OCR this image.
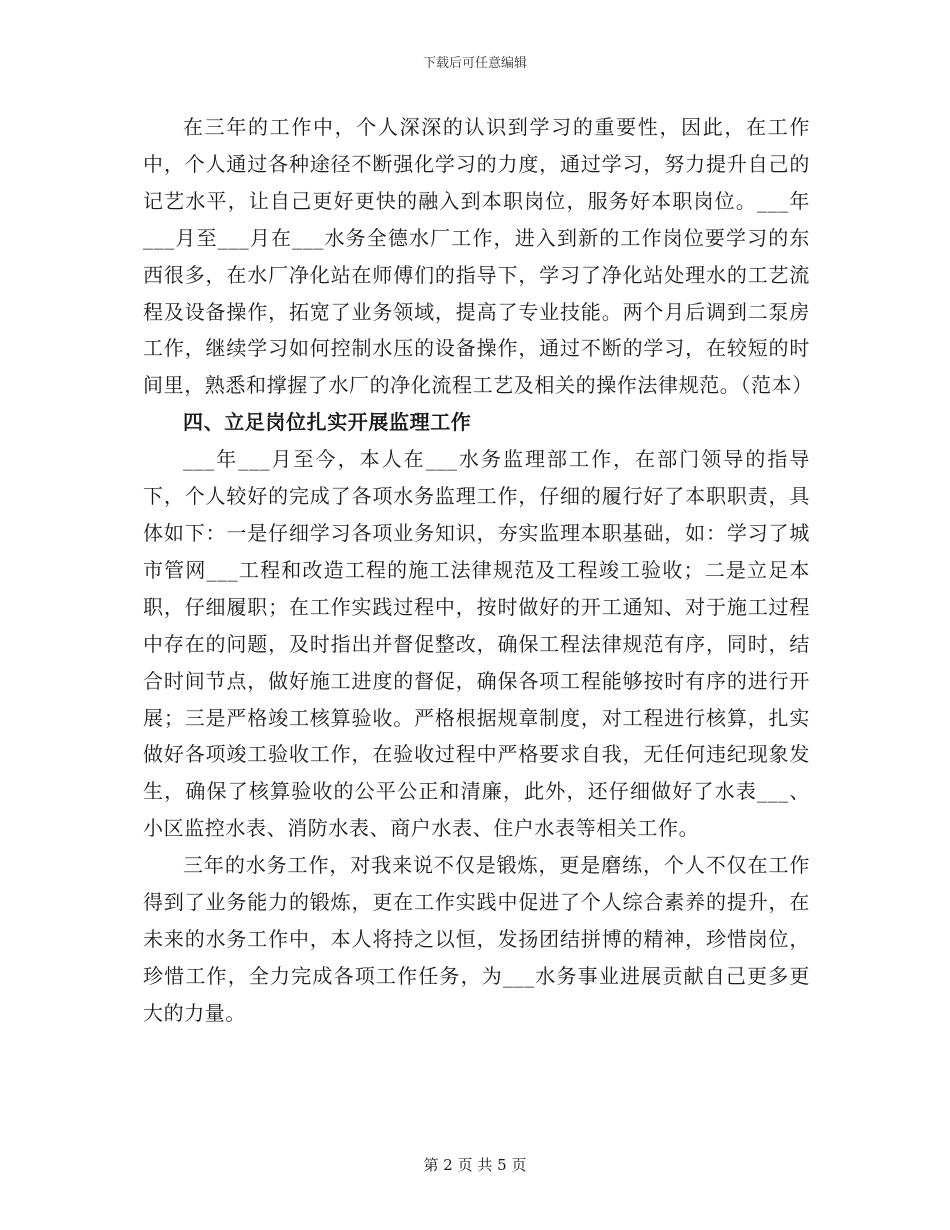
下载后可任意编辑

在三年的工作中，个人深深的认识到学习的重要性，因此，在工作中，个人通过各种途径不断强化学习的力度，通过学习，努力提升自己的记艺水平，让自己更好更快的融入到本职岗位，服务好本职岗位。___年___月至___月在___水务全德水厂工作，进入到新的工作岗位要学习的东西很多，在水厂净化站在师傅们的指导下，学习了净化站处理水的工艺流程及设备操作，拓宽了业务领域，提高了专业技能。两个月后调到二泵房工作，继续学习如何控制水压的设备操作，通过不断的学习，在较短的时间里，熟悉和撑握了水厂的净化流程工艺及相关的操作法律规范。（范本）

四、立足岗位扎实开展监理工作

___年___月至今，本人在___水务监理部工作，在部门领导的指导下，个人较好的完成了各项水务监理工作，仔细的履行好了本职职责，具体如下：一是仔细学习各项业务知识，夯实监理本职基础，如：学习了城市管网___工程和改造工程的施工法律规范及工程竣工验收；二是立足本职，仔细履职；在工作实践过程中，按时做好的开工通知、对于施工过程中存在的问题，及时指出并督促整改，确保工程法律规范有序，同时，结合时间节点，做好施工进度的督促，确保各项工程能够按时有序的进行开展；三是严格竣工核算验收。严格根据规章制度，对工程进行核算，扎实做好各项竣工验收工作，在验收过程中严格要求自我，无任何违纪现象发生，确保了核算验收的公平公正和清廉，此外，还仔细做好了水表___、小区监控水表、消防水表、商户水表、住户水表等相关工作。

三年的水务工作，对我来说不仅是锻炼，更是磨练，个人不仅在工作得到了业务能力的锻炼，更在工作实践中促进了个人综合素养的提升，在未来的水务工作中，本人将持之以恒，发扬团结拼博的精神，珍惜岗位，珍惜工作，全力完成各项工作任务，为___水务事业进展贡献自己更多更大的力量。

第 2 页 共 5 页
